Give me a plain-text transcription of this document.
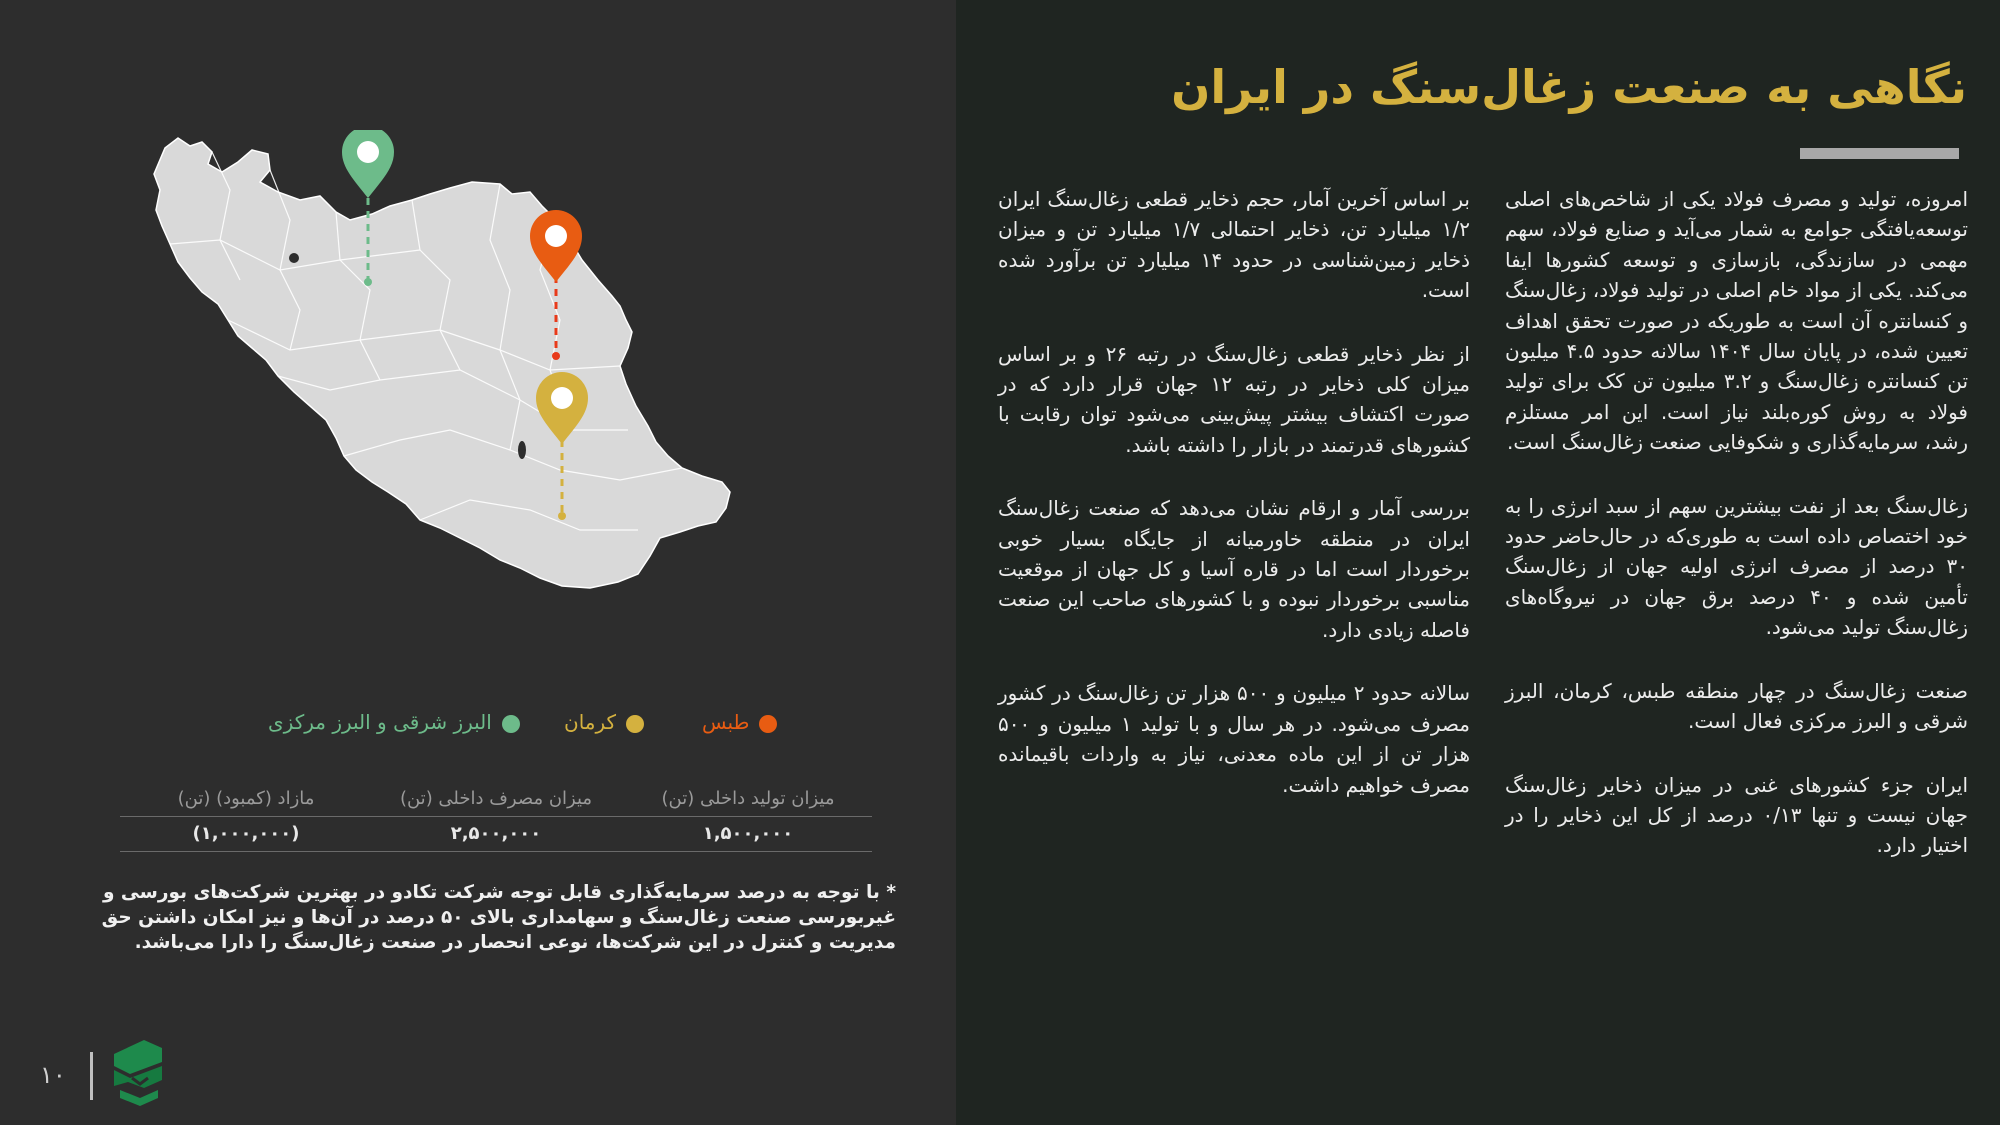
نگاهی به صنعت زغال‌سنگ در ایران

امروزه، تولید و مصرف فولاد یکی از شاخص‌های اصلی توسعه‌یافتگی جوامع به شمار می‌آید و صنایع فولاد، سهم مهمی در سازندگی، بازسازی و توسعه کشورها ایفا می‌کند. یکی از مواد خام اصلی در تولید فولاد، زغال‌سنگ و کنسانتره آن است به طوریکه در صورت تحقق اهداف تعیین شده، در پایان سال ۱۴۰۴ سالانه حدود ۴.۵ میلیون تن کنسانتره زغال‌سنگ و ۳.۲ میلیون تن کک برای تولید فولاد به روش کوره‌بلند نیاز است. این امر مستلزم رشد، سرمایه‌گذاری و شکوفایی صنعت زغال‌سنگ است.

زغال‌سنگ بعد از نفت بیشترین سهم از سبد انرژی را به خود اختصاص داده است به طوری‌که در حال‌حاضر حدود ۳۰ درصد از مصرف انرژی اولیه جهان از زغال‌سنگ تأمین شده و ۴۰ درصد برق جهان در نیروگاه‌های زغال‌سنگ تولید می‌شود.

صنعت زغال‌سنگ در چهار منطقه طبس، کرمان، البرز شرقی و البرز مرکزی فعال است.

ایران جزء کشورهای غنی در میزان ذخایر زغال‌سنگ جهان نیست و تنها ۰/۱۳ درصد از کل این ذخایر را در اختیار دارد.

بر اساس آخرین آمار، حجم ذخایر قطعی زغال‌سنگ ایران ۱/۲ میلیارد تن، ذخایر احتمالی ۱/۷ میلیارد تن و میزان ذخایر زمین‌شناسی در حدود ۱۴ میلیارد تن برآورد شده است.

از نظر ذخایر قطعی زغال‌سنگ در رتبه ۲۶ و بر اساس میزان کلی ذخایر در رتبه ۱۲ جهان قرار دارد که در صورت اکتشاف بیشتر پیش‌بینی می‌شود توان رقابت با کشورهای قدرتمند در بازار را داشته باشد.

بررسی آمار و ارقام نشان می‌دهد که صنعت زغال‌سنگ ایران در منطقه خاورمیانه از جایگاه بسیار خوبی برخوردار است اما در قاره آسیا و کل جهان از موقعیت مناسبی برخوردار نبوده و با کشورهای صاحب این صنعت فاصله زیادی دارد.

سالانه حدود ۲ میلیون و ۵۰۰ هزار تن زغال‌سنگ در کشور مصرف می‌شود. در هر سال و با تولید ۱ میلیون و ۵۰۰ هزار تن از این ماده معدنی، نیاز به واردات باقیمانده مصرف خواهیم داشت.

طبس
کرمان
البرز شرقی و البرز مرکزی
میزان تولید داخلی (تن)
میزان مصرف داخلی (تن)
مازاد (کمبود) (تن)
۱,۵۰۰,۰۰۰
۲,۵۰۰,۰۰۰
(۱,۰۰۰,۰۰۰)

* با توجه به درصد سرمایه‌گذاری قابل توجه شرکت تکادو در بهترین شرکت‌های بورسی و غیربورسی صنعت زغال‌سنگ و سهامداری بالای ۵۰ درصد در آن‌ها و نیز امکان داشتن حق مدیریت و کنترل در این شرکت‌ها، نوعی انحصار در صنعت زغال‌سنگ را دارا می‌باشد.

۱۰
